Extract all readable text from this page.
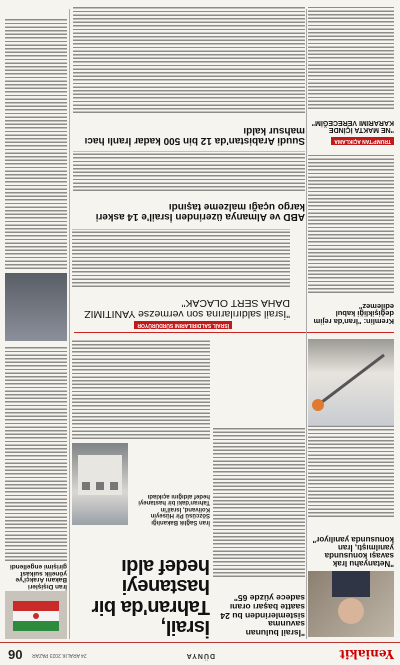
Yeniakit
DÜNYA
24 ARALIK 2023 PAZAR
06
İran Dışişleri Bakanı Arakçi'ye yönelik suikast girişimi engellendi
İsrail, Tahran'da bir hastaneyi hedef aldı
İran Sağlık Bakanlığı Sözcüsü Pir Hüseyin Kolivand, İsrail'in Tahran'daki bir hastaneyi hedef aldığını açıkladı
"İsrail bulunan savunma sistemlerinden bu 24 saatte başarı oranı sadece yüzde 65"
"Netanyahu Irak savaşı konusunda yanılmıştı, İran konusunda yanılıyor"
İSRAİL SALDIRILARINI SÜRDÜRÜYOR
"İsrail saldırılarına son vermezse YANITIMIZ DAHA SERT OLACAK"
ABD ve Almanya üzerinden İsrail'e 14 askeri kargo uçağı malzeme taşındı
Suudi Arabistan'da 12 bin 500 kadar İranlı hacı mahsur kaldı
Kremlin: "İran'da rejim değişikliği kabul edilemez"
TRUMP'TAN AÇIKLAMA
"NE MAKTA İÇİNDE KARARIMI VERECEĞİM"
